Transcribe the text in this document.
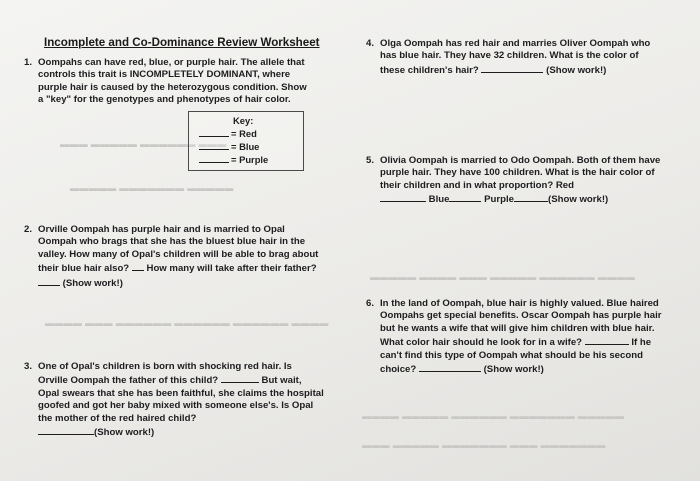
Incomplete and Co-Dominance Review Worksheet
▬▬▬ ▬▬▬▬▬ ▬▬▬▬▬▬ ▬▬▬
▬▬▬▬▬ ▬▬▬▬▬▬▬ ▬▬▬▬▬
▬▬▬▬ ▬▬▬ ▬▬▬▬▬▬ ▬▬▬▬▬▬ ▬▬▬▬▬▬ ▬▬▬▬
▬▬▬▬▬ ▬▬▬▬ ▬▬▬ ▬▬▬▬▬ ▬▬▬▬▬▬ ▬▬▬▬
▬▬▬▬ ▬▬▬▬▬ ▬▬▬▬▬▬ ▬▬▬▬▬▬▬ ▬▬▬▬▬
▬▬▬ ▬▬▬▬▬ ▬▬▬▬▬▬▬ ▬▬▬ ▬▬▬▬▬▬▬
1. Oompahs can have red, blue, or purple hair. The allele that controls this trait is INCOMPLETELY DOMINANT, where purple hair is caused by the heterozygous condition. Show a "key" for the genotypes and phenotypes of hair color.
Key:
= Red
= Blue
= Purple
2. Orville Oompah has purple hair and is married to Opal Oompah who brags that she has the bluest blue hair in the valley. How many of Opal's children will be able to brag about their blue hair also? How many will take after their father?  (Show work!)
3. One of Opal's children is born with shocking red hair. Is Orville Oompah the father of this child?	But wait, Opal swears that she has been faithful, she claims the hospital goofed and got her baby mixed with someone else's. Is Opal the mother of the red haired child?
(Show work!)
4. Olga Oompah has red hair and marries Oliver Oompah who has blue hair. They have 32 children. What is the color of these children's hair?	(Show work!)
5. Olivia Oompah is married to Odo Oompah. Both of them have purple hair. They have 100 children. What is the hair color of their children and in what proportion? Red
Blue	Purple	(Show work!)
6. In the land of Oompah, blue hair is highly valued. Blue haired Oompahs get special benefits. Oscar Oompah has purple hair but he wants a wife that will give him children with blue hair. What color hair should he look for in a wife?	If he can't find this type of Oompah what should be his second choice?	(Show work!)
